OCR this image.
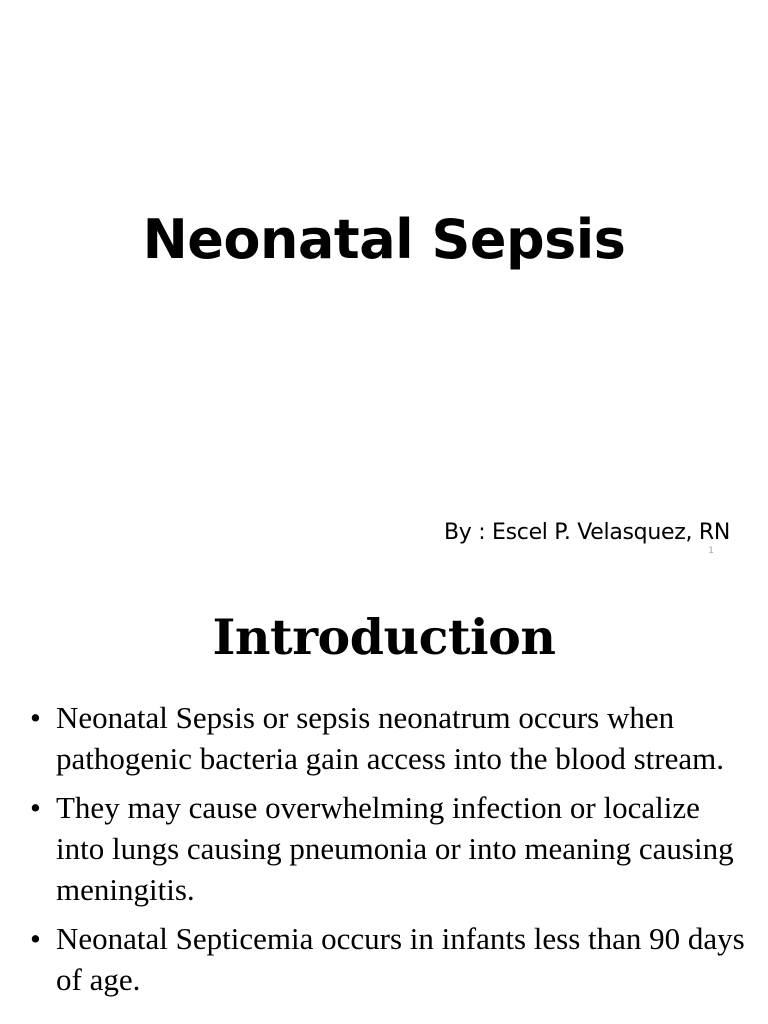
Neonatal Sepsis
By : Escel P. Velasquez, RN
1
Introduction
• Neonatal Sepsis or sepsis neonatrum occurs when pathogenic bacteria gain access into the blood stream.
• They may cause overwhelming infection or localize into lungs causing pneumonia or into meaning causing meningitis.
• Neonatal Septicemia occurs in infants less than 90 days of age.
